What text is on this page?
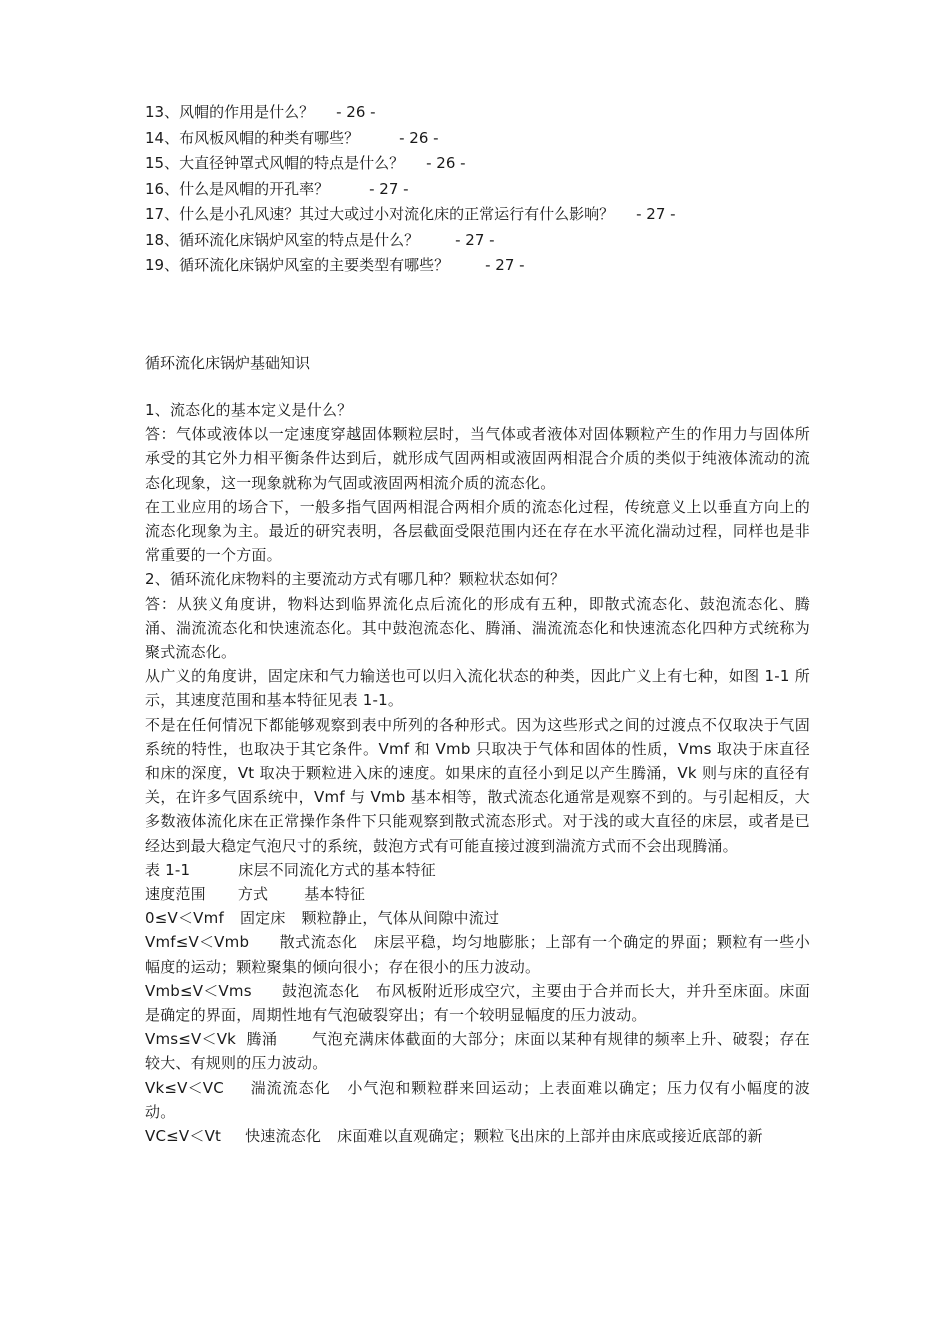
13、风帽的作用是什么？ - 26 -
14、布风板风帽的种类有哪些？	- 26 -
15、大直径钟罩式风帽的特点是什么？ - 26 -
16、什么是风帽的开孔率？	- 27 -
17、什么是小孔风速？其过大或过小对流化床的正常运行有什么影响？ - 27 -
18、循环流化床锅炉风室的特点是什么？ - 27 -
19、循环流化床锅炉风室的主要类型有哪些？ - 27 -
循环流化床锅炉基础知识

1、流态化的基本定义是什么？

答：气体或液体以一定速度穿越固体颗粒层时，当气体或者液体对固体颗粒产生的作用力与固体所承受的其它外力相平衡条件达到后，就形成气固两相或液固两相混合介质的类似于纯液体流动的流态化现象，这一现象就称为气固或液固两相流介质的流态化。

在工业应用的场合下，一般多指气固两相混合两相介质的流态化过程，传统意义上以垂直方向上的流态化现象为主。最近的研究表明，各层截面受限范围内还在存在水平流化湍动过程，同样也是非常重要的一个方面。

2、循环流化床物料的主要流动方式有哪几种？颗粒状态如何？

答：从狭义角度讲，物料达到临界流化点后流化的形成有五种，即散式流态化、鼓泡流态化、腾涌、湍流流态化和快速流态化。其中鼓泡流态化、腾涌、湍流流态化和快速流态化四种方式统称为聚式流态化。

从广义的角度讲，固定床和气力输送也可以归入流化状态的种类，因此广义上有七种，如图 1-1 所示，其速度范围和基本特征见表 1-1。

不是在任何情况下都能够观察到表中所列的各种形式。因为这些形式之间的过渡点不仅取决于气固系统的特性，也取决于其它条件。Vmf 和 Vmb 只取决于气体和固体的性质，Vms 取决于床直径和床的深度，Vt 取决于颗粒进入床的速度。如果床的直径小到足以产生腾涌，Vk 则与床的直径有关，在许多气固系统中，Vmf 与 Vmb 基本相等，散式流态化通常是观察不到的。与引起相反，大多数液体流化床在正常操作条件下只能观察到散式流态形式。对于浅的或大直径的床层，或者是已经达到最大稳定气泡尺寸的系统，鼓泡方式有可能直接过渡到湍流方式而不会出现腾涌。

表 1-1	床层不同流化方式的基本特征

速度范围 方式 基本特征

0≤V＜Vmf 固定床 颗粒静止，气体从间隙中流过

Vmf≤V＜Vmb 散式流态化 床层平稳，均匀地膨胀；上部有一个确定的界面；颗粒有一些小幅度的运动；颗粒聚集的倾向很小；存在很小的压力波动。

Vmb≤V＜Vms 鼓泡流态化 布风板附近形成空穴，主要由于合并而长大，并升至床面。床面是确定的界面，周期性地有气泡破裂穿出；有一个较明显幅度的压力波动。

Vms≤V＜Vk 腾涌 气泡充满床体截面的大部分；床面以某种有规律的频率上升、破裂；存在较大、有规则的压力波动。

Vk≤V＜VC 湍流流态化 小气泡和颗粒群来回运动；上表面难以确定；压力仅有小幅度的波动。

VC≤V＜Vt 快速流态化 床面难以直观确定；颗粒飞出床的上部并由床底或接近底部的新
